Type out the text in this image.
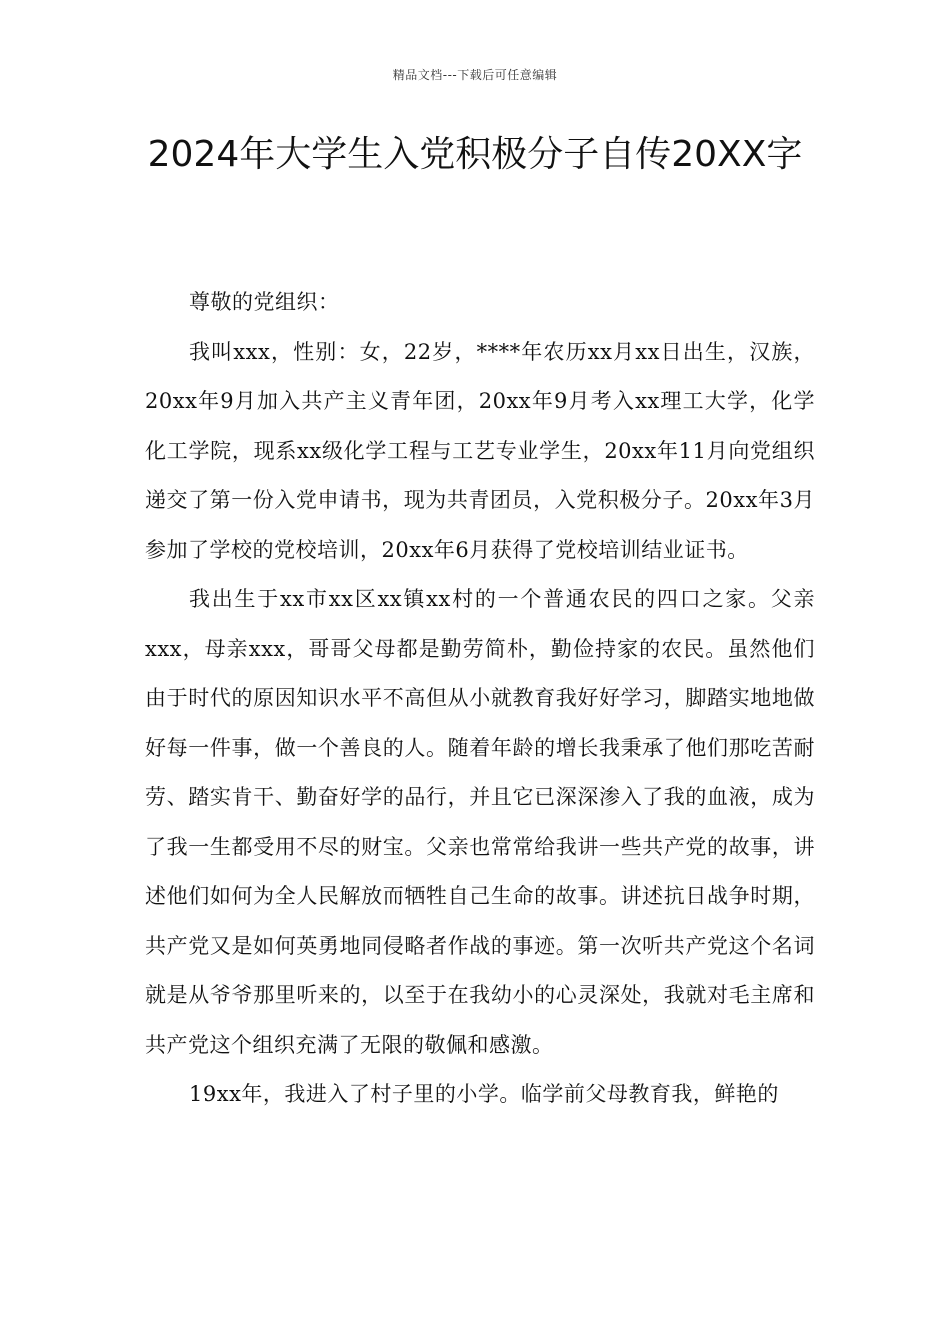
精品文档---下载后可任意编辑
2024年大学生入党积极分子自传20XX字

尊敬的党组织：

我叫xxx，性别：女，22岁，****年农历xx月xx日出生，汉族，20xx年9月加入共产主义青年团，20xx年9月考入xx理工大学，化学化工学院，现系xx级化学工程与工艺专业学生，20xx年11月向党组织递交了第一份入党申请书，现为共青团员，入党积极分子。20xx年3月参加了学校的党校培训，20xx年6月获得了党校培训结业证书。

我出生于xx市xx区xx镇xx村的一个普通农民的四口之家。父亲xxx，母亲xxx，哥哥父母都是勤劳简朴，勤俭持家的农民。虽然他们由于时代的原因知识水平不高但从小就教育我好好学习，脚踏实地地做好每一件事，做一个善良的人。随着年龄的增长我秉承了他们那吃苦耐劳、踏实肯干、勤奋好学的品行，并且它已深深渗入了我的血液，成为了我一生都受用不尽的财宝。父亲也常常给我讲一些共产党的故事，讲述他们如何为全人民解放而牺牲自己生命的故事。讲述抗日战争时期，共产党又是如何英勇地同侵略者作战的事迹。第一次听共产党这个名词就是从爷爷那里听来的，以至于在我幼小的心灵深处，我就对毛主席和共产党这个组织充满了无限的敬佩和感激。

19xx年，我进入了村子里的小学。临学前父母教育我，鲜艳的
